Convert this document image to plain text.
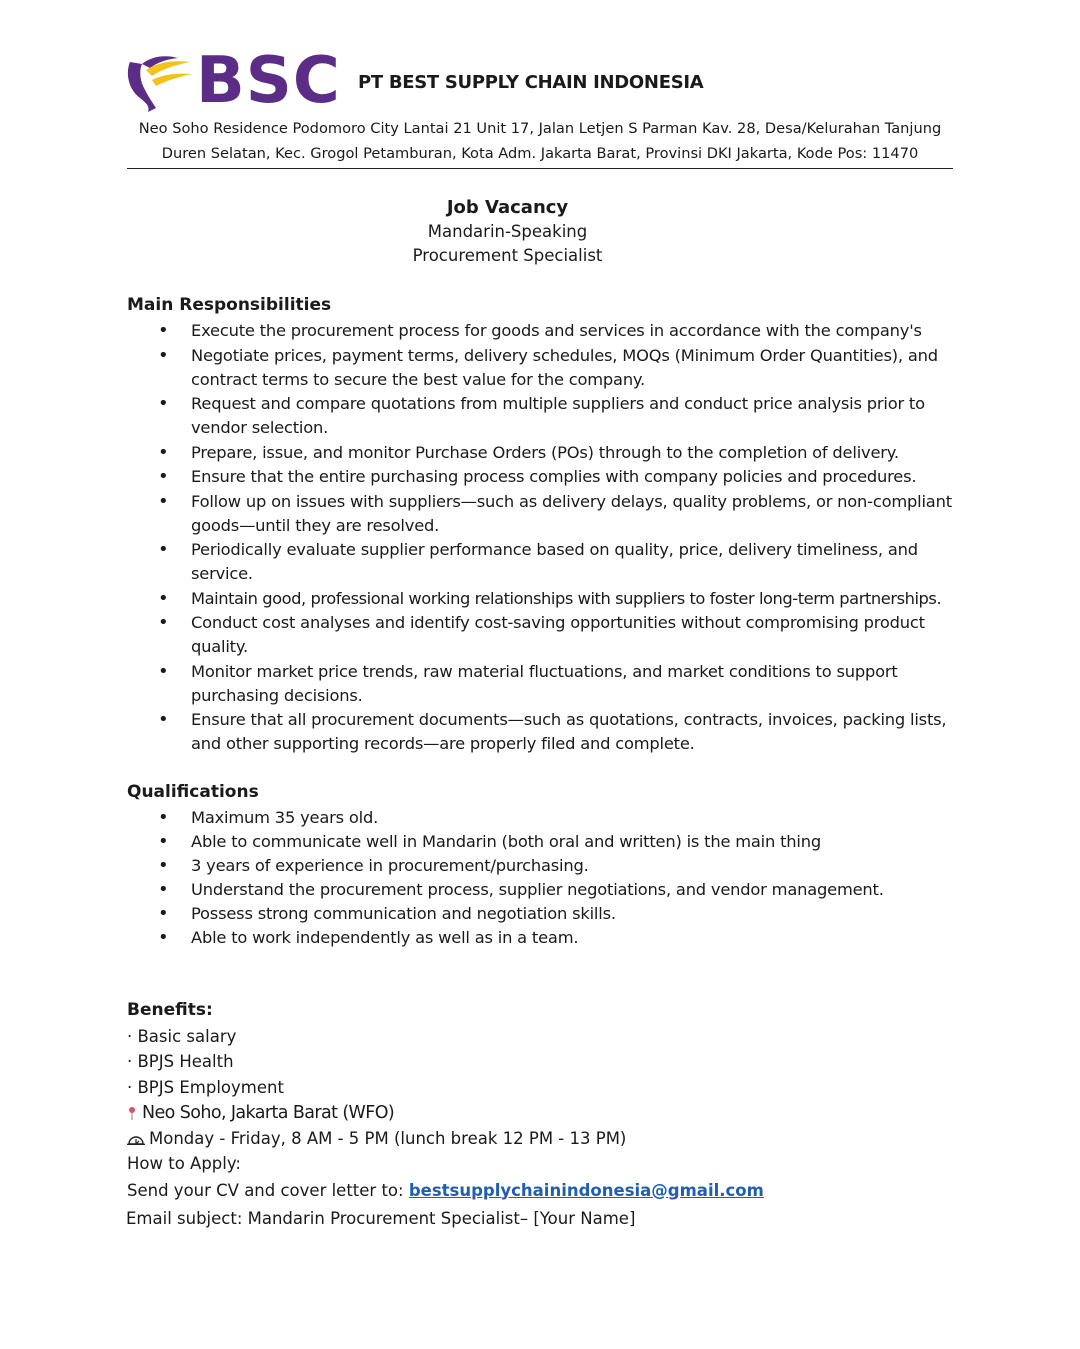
BSC PT BEST SUPPLY CHAIN INDONESIA
Neo Soho Residence Podomoro City Lantai 21 Unit 17, Jalan Letjen S Parman Kav. 28, Desa/Kelurahan Tanjung
Duren Selatan, Kec. Grogol Petamburan, Kota Adm. Jakarta Barat, Provinsi DKI Jakarta, Kode Pos: 11470
Job Vacancy
Mandarin-Speaking
Procurement Specialist
Main Responsibilities
• Execute the procurement process for goods and services in accordance with the company's
• Negotiate prices, payment terms, delivery schedules, MOQs (Minimum Order Quantities), and contract terms to secure the best value for the company.
• Request and compare quotations from multiple suppliers and conduct price analysis prior to vendor selection.
• Prepare, issue, and monitor Purchase Orders (POs) through to the completion of delivery.
• Ensure that the entire purchasing process complies with company policies and procedures.
• Follow up on issues with suppliers—such as delivery delays, quality problems, or non-compliant goods—until they are resolved.
• Periodically evaluate supplier performance based on quality, price, delivery timeliness, and service.
• Maintain good, professional working relationships with suppliers to foster long-term partnerships.
• Conduct cost analyses and identify cost-saving opportunities without compromising product quality.
• Monitor market price trends, raw material fluctuations, and market conditions to support purchasing decisions.
• Ensure that all procurement documents—such as quotations, contracts, invoices, packing lists, and other supporting records—are properly filed and complete.
Qualifications
• Maximum 35 years old.
• Able to communicate well in Mandarin (both oral and written) is the main thing
• 3 years of experience in procurement/purchasing.
• Understand the procurement process, supplier negotiations, and vendor management.
• Possess strong communication and negotiation skills.
• Able to work independently as well as in a team.
Benefits:
· Basic salary
· BPJS Health
· BPJS Employment
Neo Soho, Jakarta Barat (WFO)
Monday - Friday, 8 AM - 5 PM (lunch break 12 PM - 13 PM)
How to Apply:
Send your CV and cover letter to: bestsupplychainindonesia@gmail.com
Email subject: Mandarin Procurement Specialist– [Your Name]
